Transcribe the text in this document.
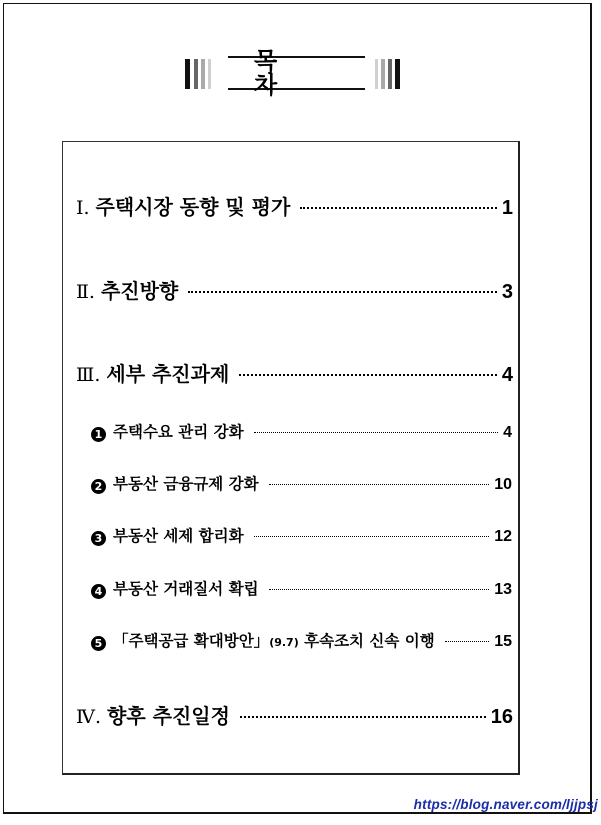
목 차
Ⅰ. 주택시장 동향 및 평가	1
Ⅱ. 추진방향	3
Ⅲ. 세부 추진과제	4
1 주택수요 관리 강화	4
2 부동산 금융규제 강화	10
3 부동산 세제 합리화	12
4 부동산 거래질서 확립	13
5 「주택공급 확대방안」(9.7) 후속조치 신속 이행	15
Ⅳ. 향후 추진일정	16
https://blog.naver.com/ljjpsj
